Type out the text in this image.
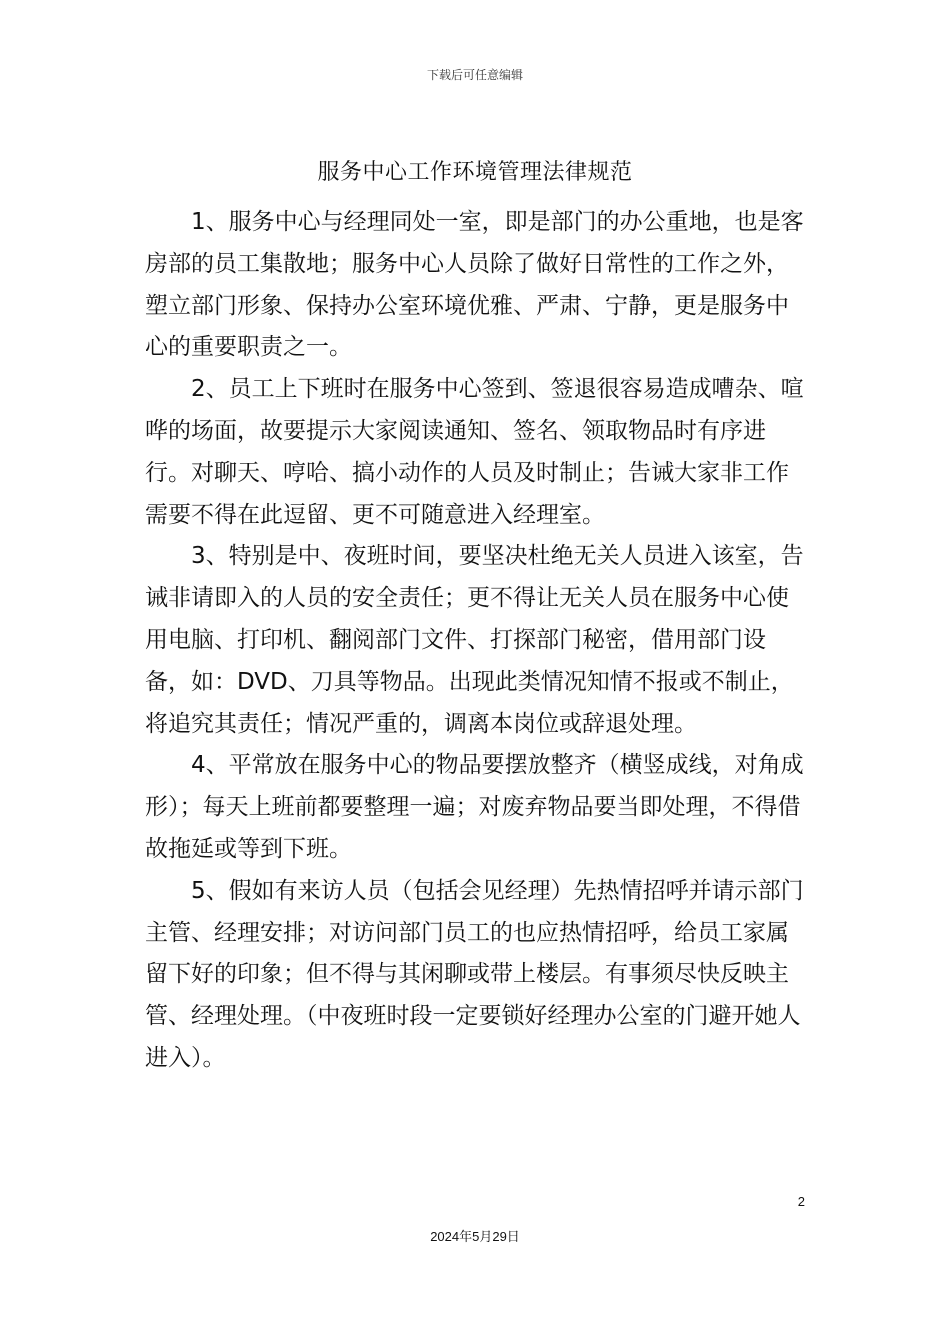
下载后可任意编辑
服务中心工作环境管理法律规范

1、服务中心与经理同处一室，即是部门的办公重地，也是客房部的员工集散地；服务中心人员除了做好日常性的工作之外，塑立部门形象、保持办公室环境优雅、严肃、宁静，更是服务中心的重要职责之一。

2、员工上下班时在服务中心签到、签退很容易造成嘈杂、喧哗的场面，故要提示大家阅读通知、签名、领取物品时有序进行。对聊天、哼哈、搞小动作的人员及时制止；告诫大家非工作需要不得在此逗留、更不可随意进入经理室。

3、特别是中、夜班时间，要坚决杜绝无关人员进入该室，告诫非请即入的人员的安全责任；更不得让无关人员在服务中心使用电脑、打印机、翻阅部门文件、打探部门秘密，借用部门设备，如：DVD、刀具等物品。出现此类情况知情不报或不制止，将追究其责任；情况严重的，调离本岗位或辞退处理。

4、平常放在服务中心的物品要摆放整齐（横竖成线，对角成形）；每天上班前都要整理一遍；对废弃物品要当即处理，不得借故拖延或等到下班。

5、假如有来访人员（包括会见经理）先热情招呼并请示部门主管、经理安排；对访问部门员工的也应热情招呼，给员工家属留下好的印象；但不得与其闲聊或带上楼层。有事须尽快反映主管、经理处理。（中夜班时段一定要锁好经理办公室的门避开她人进入）。

2
2024年5月29日
